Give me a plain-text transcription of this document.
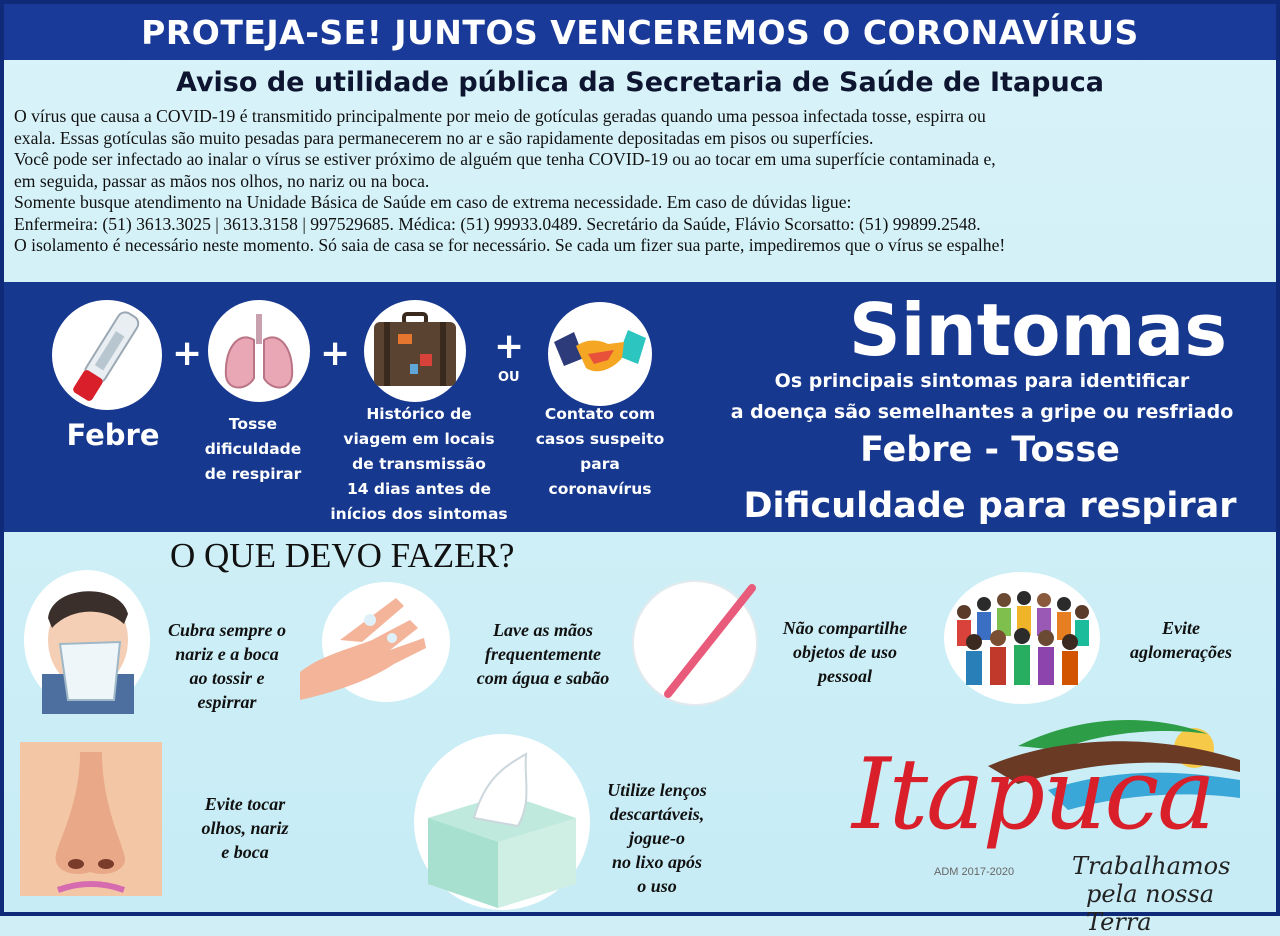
PROTEJA-SE! JUNTOS VENCEREMOS O CORONAVÍRUS
Aviso de utilidade pública da Secretaria de Saúde de Itapuca
O vírus que causa a COVID-19 é transmitido principalmente por meio de gotículas geradas quando uma pessoa infectada tosse, espirra ou
exala. Essas gotículas são muito pesadas para permanecerem no ar e são rapidamente depositadas em pisos ou superfícies.
Você pode ser infectado ao inalar o vírus se estiver próximo de alguém que tenha COVID-19 ou ao tocar em uma superfície contaminada e,
em seguida, passar as mãos nos olhos, no nariz ou na boca.
Somente busque atendimento na Unidade Básica de Saúde em caso de extrema necessidade. Em caso de dúvidas ligue:
Enfermeira: (51) 3613.3025 | 3613.3158 | 997529685. Médica: (51) 99933.0489. Secretário da Saúde, Flávio Scorsatto: (51) 99899.2548.
O isolamento é necessário neste momento. Só saia de casa se for necessário. Se cada um fizer sua parte, impediremos que o vírus se espalhe!
+	+	+
OU
Febre	Tosse
dificuldade
de respirar
Histórico de
viagem em locais
de transmissão
14 dias antes de
inícios dos sintomas
Contato com
casos suspeito
para
coronavírus
Sintomas
Os principais sintomas para identificar
a doença são semelhantes a gripe ou resfriado
Febre - Tosse
Dificuldade para respirar
O QUE DEVO FAZER?
Cubra sempre o
nariz e a boca
ao tossir e
espirrar
Lave as mãos
frequentemente
com água e sabão
Não compartilhe
objetos de uso
pessoal
Evite
aglomerações
Evite tocar
olhos, nariz
e boca
Utilize lenços
descartáveis,
jogue-o
no lixo após
o uso
Itapuca
ADM 2017-2020 Trabalhamos
pela nossa Terra
